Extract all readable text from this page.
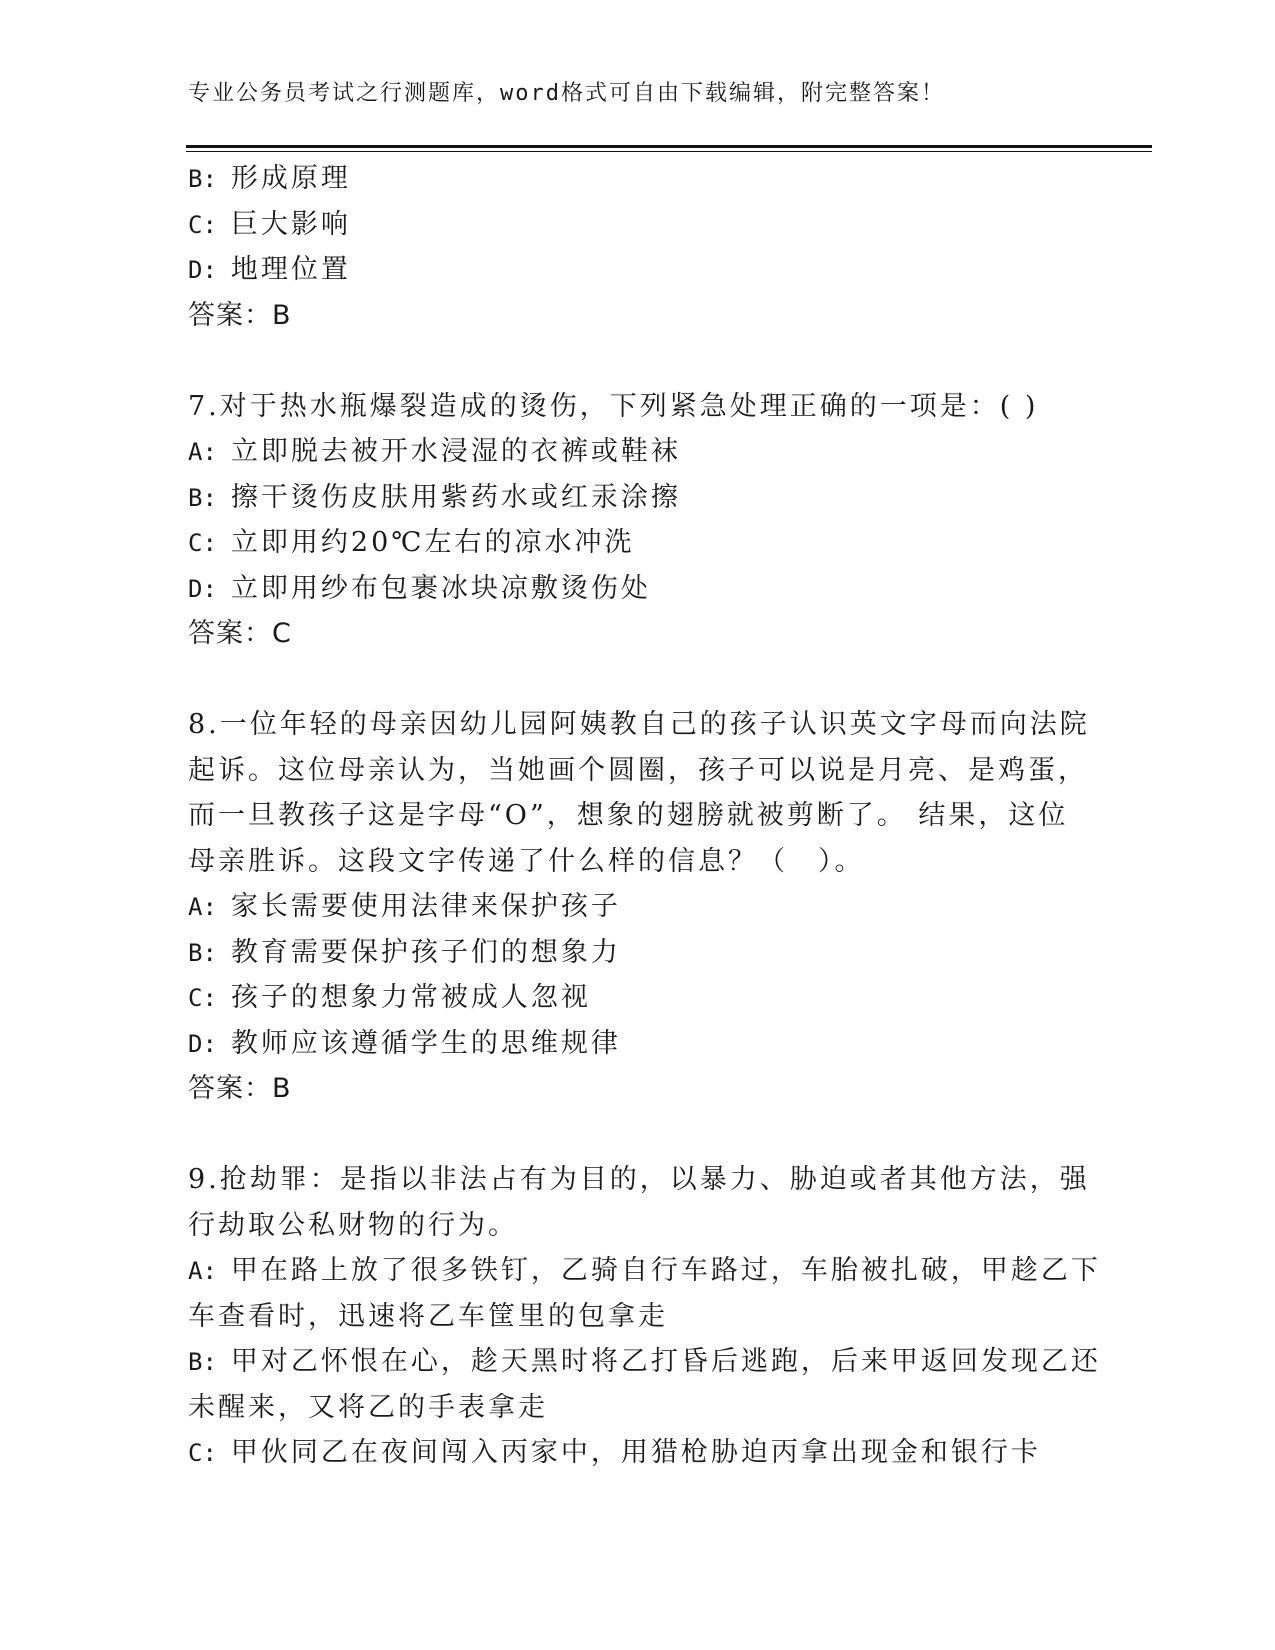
专业公务员考试之行测题库，word格式可自由下载编辑，附完整答案！
B: 形成原理
C: 巨大影响
D: 地理位置
答案：B
7.对于热水瓶爆裂造成的烫伤，下列紧急处理正确的一项是：( )
A: 立即脱去被开水浸湿的衣裤或鞋袜
B: 擦干烫伤皮肤用紫药水或红汞涂擦
C: 立即用约20℃左右的凉水冲洗
D: 立即用纱布包裹冰块凉敷烫伤处
答案：C
8.一位年轻的母亲因幼儿园阿姨教自己的孩子认识英文字母而向法院
起诉。这位母亲认为，当她画个圆圈，孩子可以说是月亮、是鸡蛋，
而一旦教孩子这是字母“O”，想象的翅膀就被剪断了。 结果，这位
母亲胜诉。这段文字传递了什么样的信息？（　）。
A: 家长需要使用法律来保护孩子
B: 教育需要保护孩子们的想象力
C: 孩子的想象力常被成人忽视
D: 教师应该遵循学生的思维规律
答案：B
9.抢劫罪：是指以非法占有为目的，以暴力、胁迫或者其他方法，强
行劫取公私财物的行为。
A: 甲在路上放了很多铁钉，乙骑自行车路过，车胎被扎破，甲趁乙下
车查看时，迅速将乙车筐里的包拿走
B: 甲对乙怀恨在心，趁天黑时将乙打昏后逃跑，后来甲返回发现乙还
未醒来，又将乙的手表拿走
C: 甲伙同乙在夜间闯入丙家中，用猎枪胁迫丙拿出现金和银行卡
